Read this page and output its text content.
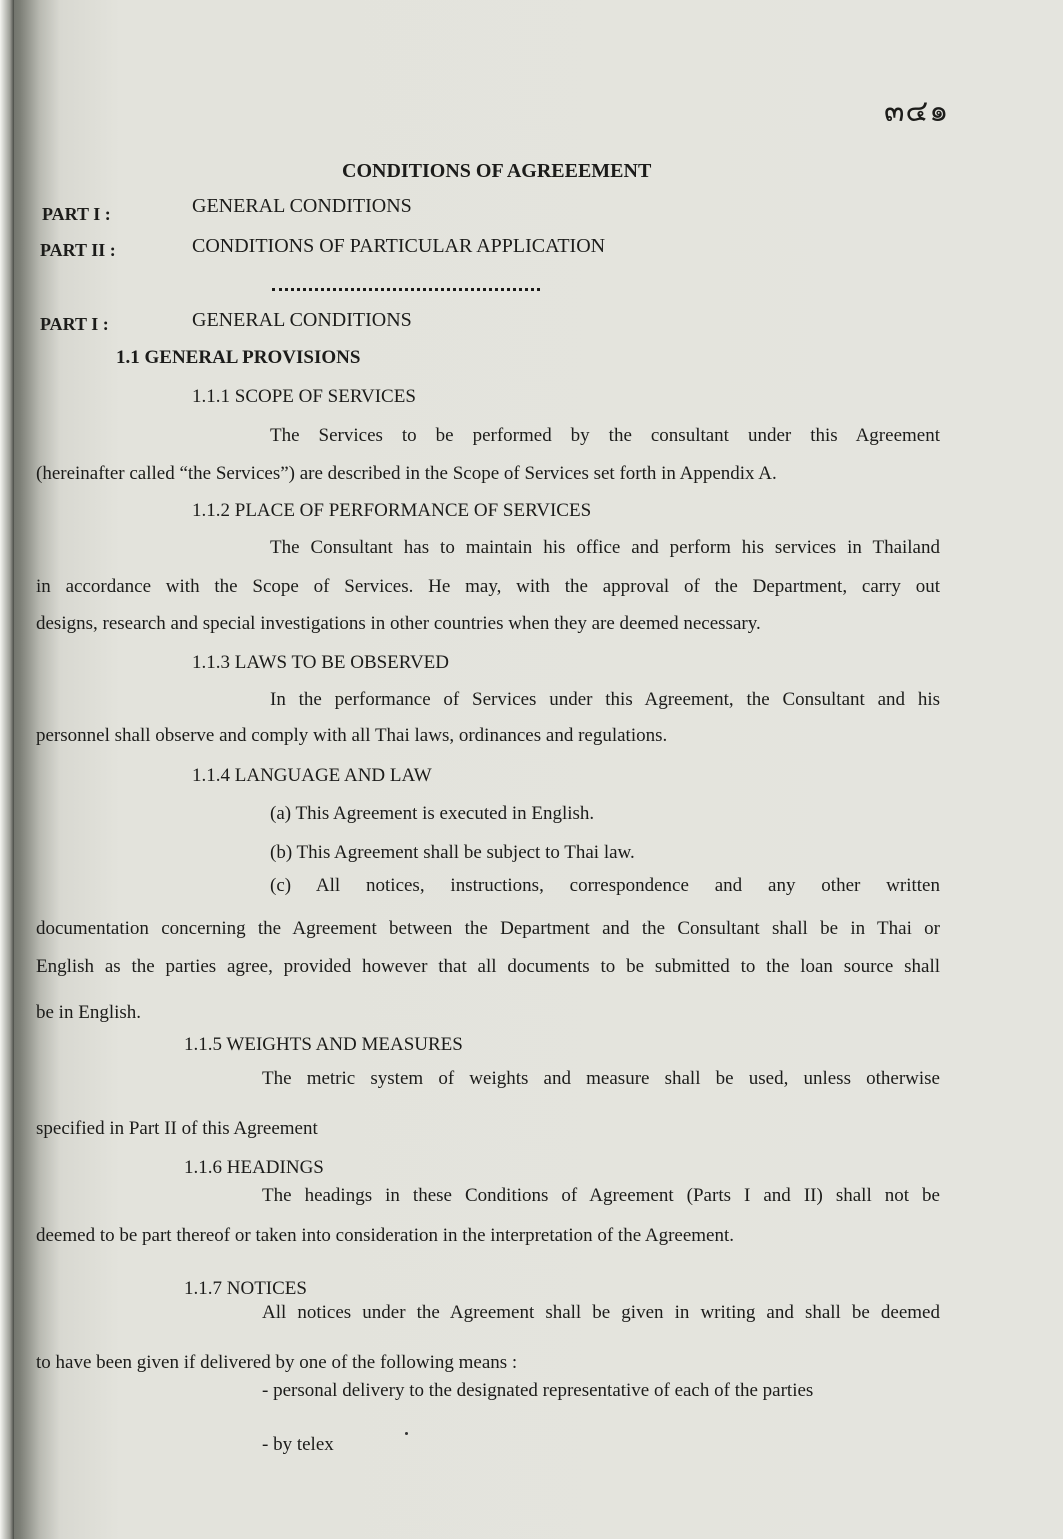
๓๔๑
CONDITIONS OF AGREEEMENT
PART I :	GENERAL CONDITIONS
PART II :	CONDITIONS OF PARTICULAR APPLICATION
PART I :	GENERAL CONDITIONS
1.1 GENERAL PROVISIONS
1.1.1 SCOPE OF SERVICES
The Services to be performed by the consultant under this Agreement
(hereinafter called “the Services”) are described in the Scope of Services set forth in Appendix A.
1.1.2 PLACE OF PERFORMANCE OF SERVICES
The Consultant has to maintain his office and perform his services in Thailand
in accordance with the Scope of Services. He may, with the approval of the Department, carry out
designs, research and special investigations in other countries when they are deemed necessary.
1.1.3 LAWS TO BE OBSERVED
In the performance of Services under this Agreement, the Consultant and his
personnel shall observe and comply with all Thai laws, ordinances and regulations.
1.1.4 LANGUAGE AND LAW
(a) This Agreement is executed in English.
(b) This Agreement shall be subject to Thai law.
(c) All notices, instructions, correspondence and any other written
documentation concerning the Agreement between the Department and the Consultant shall be in Thai or
English as the parties agree, provided however that all documents to be submitted to the loan source shall
be in English.
1.1.5 WEIGHTS AND MEASURES
The metric system of weights and measure shall be used, unless otherwise
specified in Part II of this Agreement
1.1.6 HEADINGS
The headings in these Conditions of Agreement (Parts I and II) shall not be
deemed to be part thereof or taken into consideration in the interpretation of the Agreement.
1.1.7 NOTICES
All notices under the Agreement shall be given in writing and shall be deemed
to have been given if delivered by one of the following means :
- personal delivery to the designated representative of each of the parties
- by telex
